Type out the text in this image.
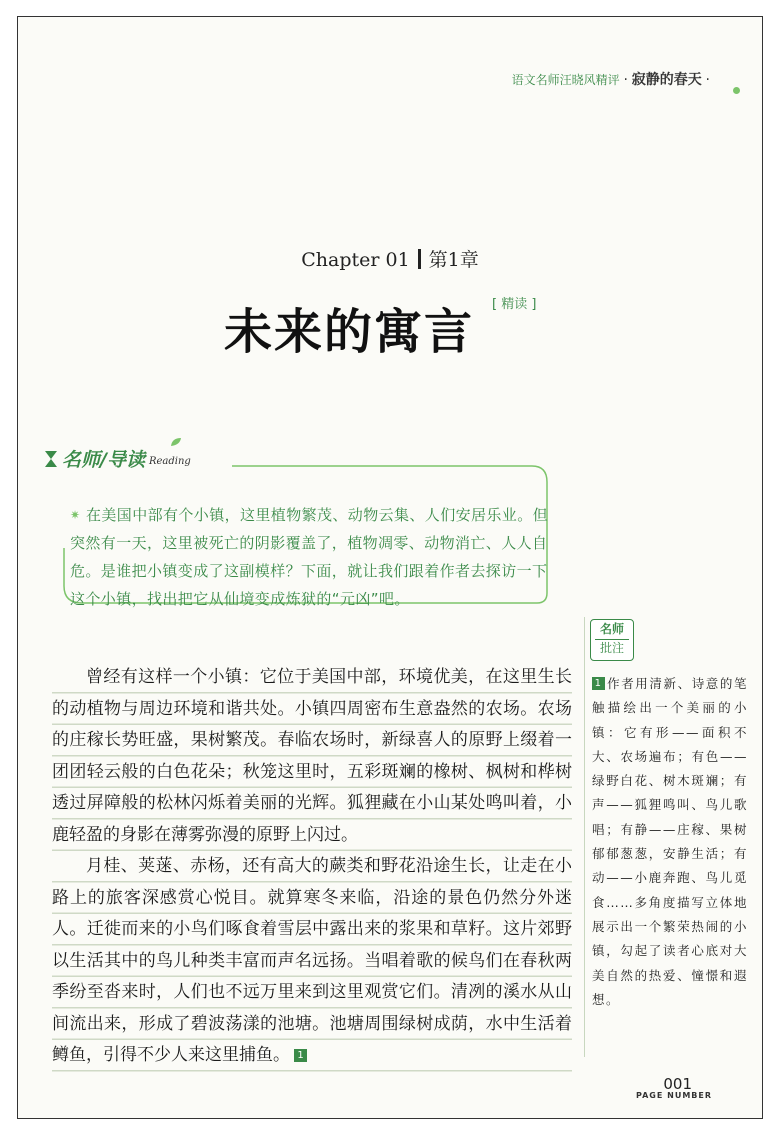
语文名师汪晓风精评 · 寂静的春天 ·
Chapter 01 第1章
未来的寓言 [ 精读 ]
名师/导读 Reading
✷ 在美国中部有个小镇，这里植物繁茂、动物云集、人们安居乐业。但突然有一天，这里被死亡的阴影覆盖了，植物凋零、动物消亡、人人自危。是谁把小镇变成了这副模样？下面，就让我们跟着作者去探访一下这个小镇，找出把它从仙境变成炼狱的“元凶”吧。

曾经有这样一个小镇：它位于美国中部，环境优美，在这里生长的动植物与周边环境和谐共处。小镇四周密布生意盎然的农场。农场的庄稼长势旺盛，果树繁茂。春临农场时，新绿喜人的原野上缀着一团团轻云般的白色花朵；秋笼这里时，五彩斑斓的橡树、枫树和桦树透过屏障般的松林闪烁着美丽的光辉。狐狸藏在小山某处鸣叫着，小鹿轻盈的身影在薄雾弥漫的原野上闪过。

月桂、荚蒾、赤杨，还有高大的蕨类和野花沿途生长，让走在小路上的旅客深感赏心悦目。就算寒冬来临，沿途的景色仍然分外迷人。迁徙而来的小鸟们啄食着雪层中露出来的浆果和草籽。这片郊野以生活其中的鸟儿种类丰富而声名远扬。当唱着歌的候鸟们在春秋两季纷至沓来时，人们也不远万里来到这里观赏它们。清冽的溪水从山间流出来，形成了碧波荡漾的池塘。池塘周围绿树成荫，水中生活着鳟鱼，引得不少人来这里捕鱼。 1

名师
批注
1 作者用清新、诗意的笔触描绘出一个美丽的小镇：它有形——面积不大、农场遍布；有色——绿野白花、树木斑斓；有声——狐狸鸣叫、鸟儿歌唱；有静——庄稼、果树郁郁葱葱，安静生活；有动——小鹿奔跑、鸟儿觅食……多角度描写立体地展示出一个繁荣热闹的小镇，勾起了读者心底对大美自然的热爱、憧憬和遐想。
001
PAGE NUMBER
